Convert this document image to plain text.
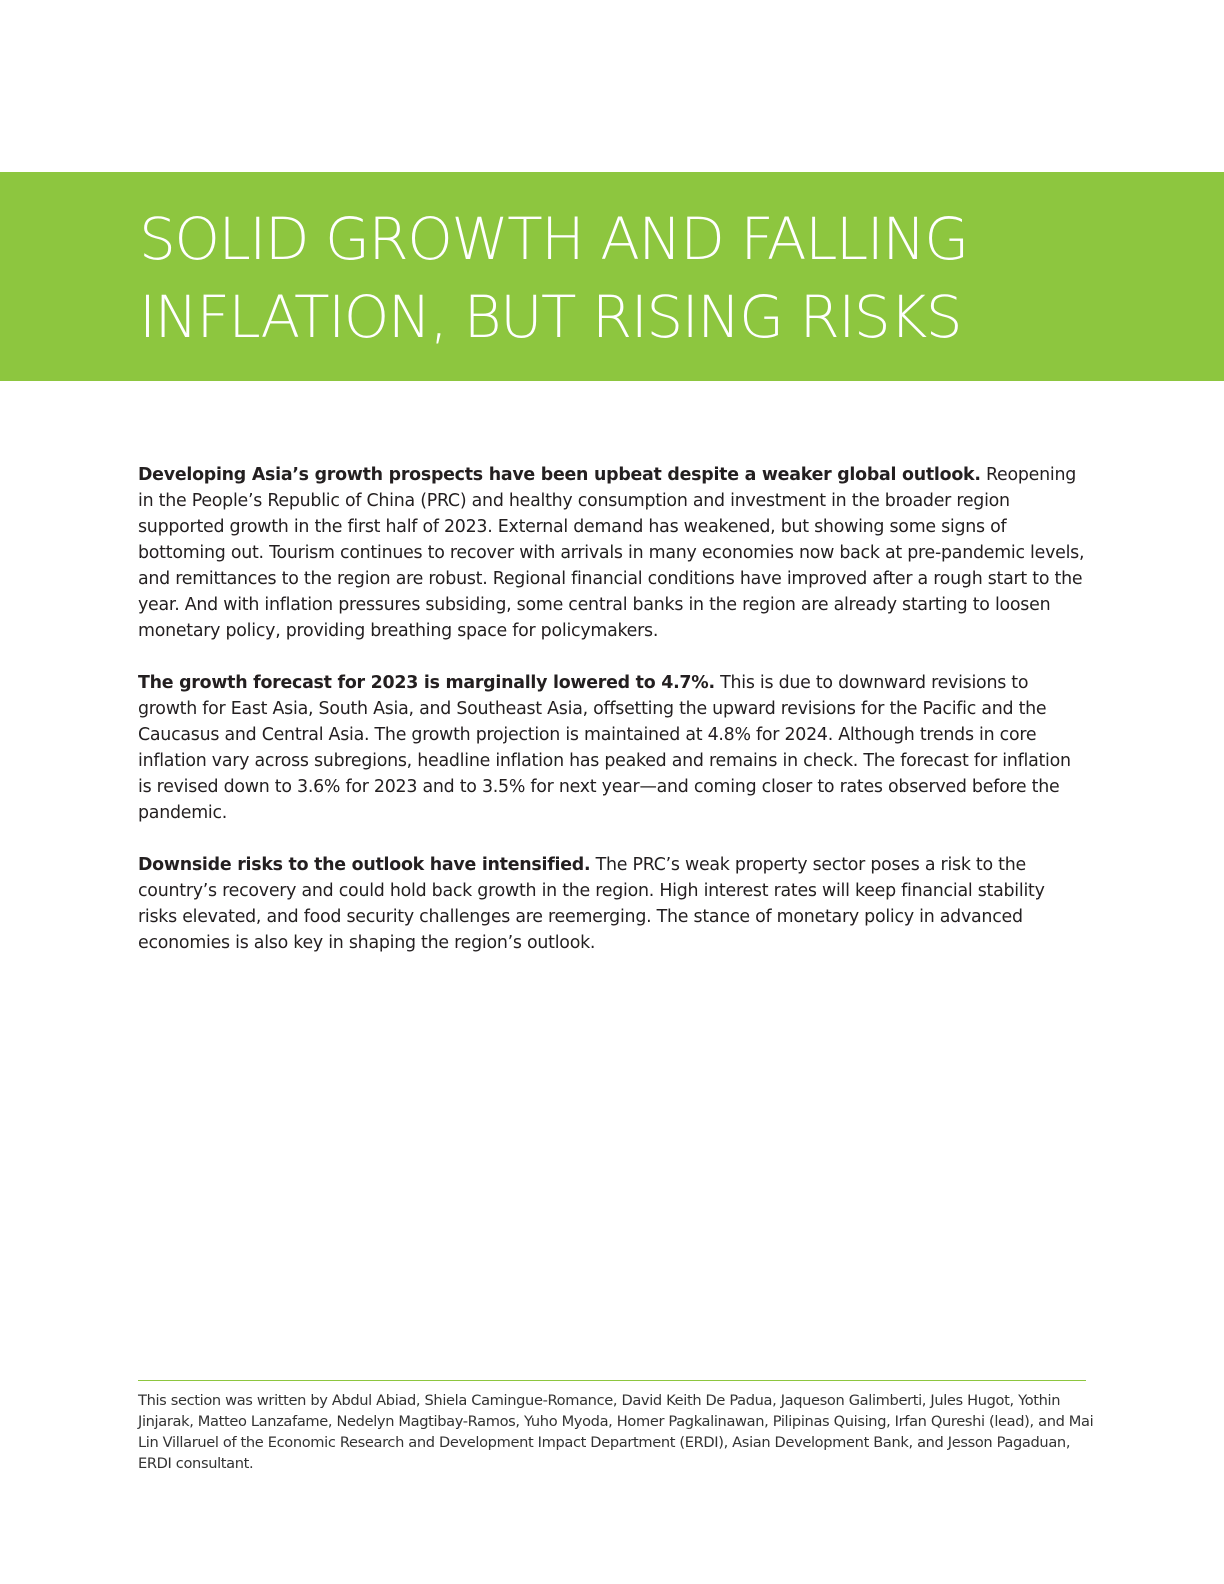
SOLID GROWTH AND FALLING
INFLATION, BUT RISING RISKS

Developing Asia’s growth prospects have been upbeat despite a weaker global outlook. Reopening in the People’s Republic of China (PRC) and healthy consumption and investment in the broader region supported growth in the first half of 2023. External demand has weakened, but showing some signs of bottoming out. Tourism continues to recover with arrivals in many economies now back at pre-pandemic levels, and remittances to the region are robust. Regional financial conditions have improved after a rough start to the year. And with inflation pressures subsiding, some central banks in the region are already starting to loosen monetary policy, providing breathing space for policymakers.

The growth forecast for 2023 is marginally lowered to 4.7%. This is due to downward revisions to growth for East Asia, South Asia, and Southeast Asia, offsetting the upward revisions for the Pacific and the Caucasus and Central Asia. The growth projection is maintained at 4.8% for 2024. Although trends in core inflation vary across subregions, headline inflation has peaked and remains in check. The forecast for inflation is revised down to 3.6% for 2023 and to 3.5% for next year—and coming closer to rates observed before the pandemic.

Downside risks to the outlook have intensified. The PRC’s weak property sector poses a risk to the country’s recovery and could hold back growth in the region. High interest rates will keep financial stability risks elevated, and food security challenges are reemerging. The stance of monetary policy in advanced economies is also key in shaping the region’s outlook.

This section was written by Abdul Abiad, Shiela Camingue-Romance, David Keith De Padua, Jaqueson Galimberti, Jules Hugot, Yothin Jinjarak, Matteo Lanzafame, Nedelyn Magtibay-Ramos, Yuho Myoda, Homer Pagkalinawan, Pilipinas Quising, Irfan Qureshi (lead), and Mai Lin Villaruel of the Economic Research and Development Impact Department (ERDI), Asian Development Bank, and Jesson Pagaduan, ERDI consultant.
